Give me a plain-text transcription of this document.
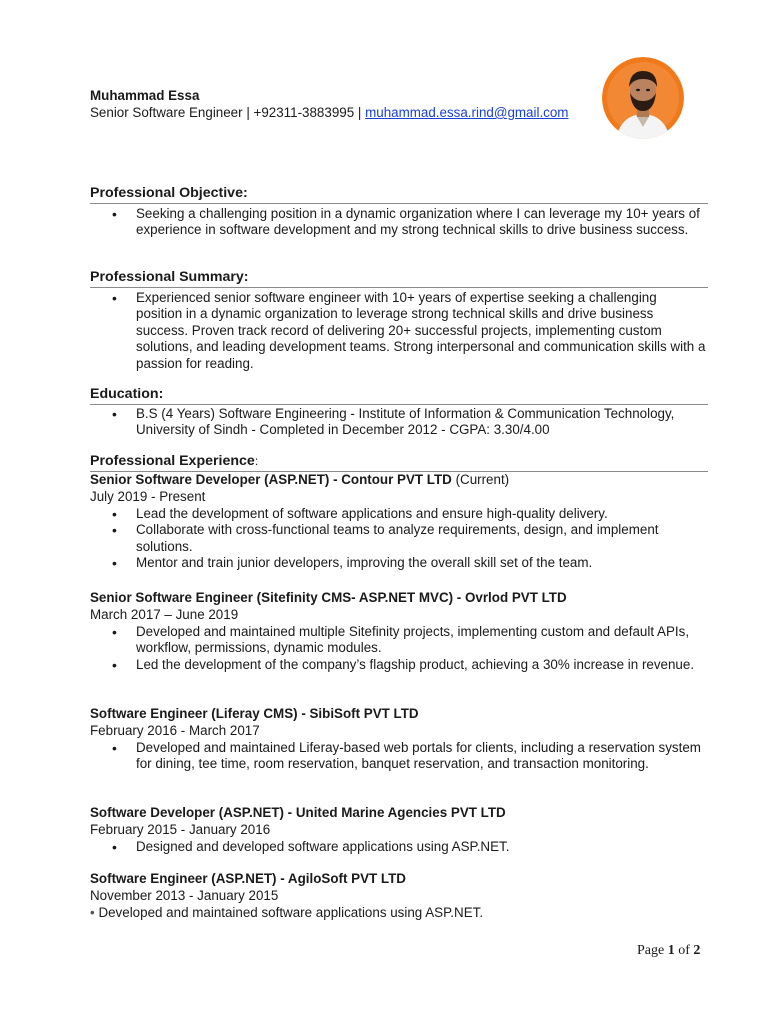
Muhammad Essa
Senior Software Engineer | +92311-3883995 | muhammad.essa.rind@gmail.com
Professional Objective:
• Seeking a challenging position in a dynamic organization where I can leverage my 10+ years of experience in software development and my strong technical skills to drive business success.
Professional Summary:
• Experienced senior software engineer with 10+ years of expertise seeking a challenging position in a dynamic organization to leverage strong technical skills and drive business success. Proven track record of delivering 20+ successful projects, implementing custom solutions, and leading development teams. Strong interpersonal and communication skills with a passion for reading.
Education:
• B.S (4 Years) Software Engineering - Institute of Information & Communication Technology, University of Sindh - Completed in December 2012 - CGPA: 3.30/4.00
Professional Experience:
Senior Software Developer (ASP.NET) - Contour PVT LTD (Current)
July 2019 - Present
• Lead the development of software applications and ensure high-quality delivery.
• Collaborate with cross-functional teams to analyze requirements, design, and implement solutions.
• Mentor and train junior developers, improving the overall skill set of the team.
Senior Software Engineer (Sitefinity CMS- ASP.NET MVC) - Ovrlod PVT LTD
March 2017 – June 2019
• Developed and maintained multiple Sitefinity projects, implementing custom and default APIs, workflow, permissions, dynamic modules.
• Led the development of the company’s flagship product, achieving a 30% increase in revenue.
Software Engineer (Liferay CMS) - SibiSoft PVT LTD
February 2016 - March 2017
• Developed and maintained Liferay-based web portals for clients, including a reservation system for dining, tee time, room reservation, banquet reservation, and transaction monitoring.
Software Developer (ASP.NET) - United Marine Agencies PVT LTD
February 2015 - January 2016
• Designed and developed software applications using ASP.NET.
Software Engineer (ASP.NET) - AgiloSoft PVT LTD
November 2013 - January 2015
• Developed and maintained software applications using ASP.NET.
Page 1 of 2
